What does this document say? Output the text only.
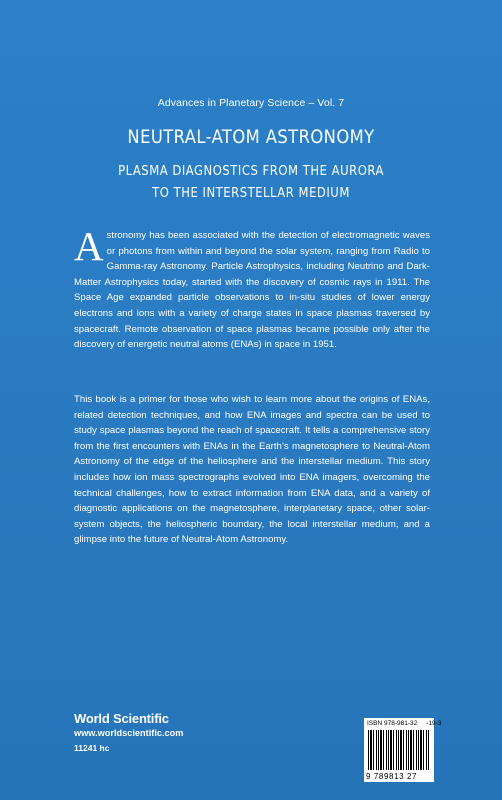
Advances in Planetary Science – Vol. 7
NEUTRAL-ATOM ASTRONOMY
PLASMA DIAGNOSTICS FROM THE AURORA
TO THE INTERSTELLAR MEDIUM
Astronomy has been associated with the detection of electromagnetic waves or photons from within and beyond the solar system, ranging from Radio to Gamma-ray Astronomy. Particle Astrophysics, including Neutrino and Dark-Matter Astrophysics today, started with the discovery of cosmic rays in 1911. The Space Age expanded particle observations to in-situ studies of lower energy electrons and ions with a variety of charge states in space plasmas traversed by spacecraft. Remote observation of space plasmas became possible only after the discovery of energetic neutral atoms (ENAs) in space in 1951.
This book is a primer for those who wish to learn more about the origins of ENAs, related detection techniques, and how ENA images and spectra can be used to study space plasmas beyond the reach of spacecraft. It tells a comprehensive story from the first encounters with ENAs in the Earth’s magnetosphere to Neutral-Atom Astronomy of the edge of the heliosphere and the interstellar medium. This story includes how ion mass spectrographs evolved into ENA imagers, overcoming the technical challenges, how to extract information from ENA data, and a variety of diagnostic applications on the magnetosphere, interplanetary space, other solar-system objects, the heliospheric boundary, the local interstellar medium, and a glimpse into the future of Neutral-Atom Astronomy.
World Scientific
www.worldscientific.com
11241 hc
ISBN 978-981-32     -19-3
9 789813 27
